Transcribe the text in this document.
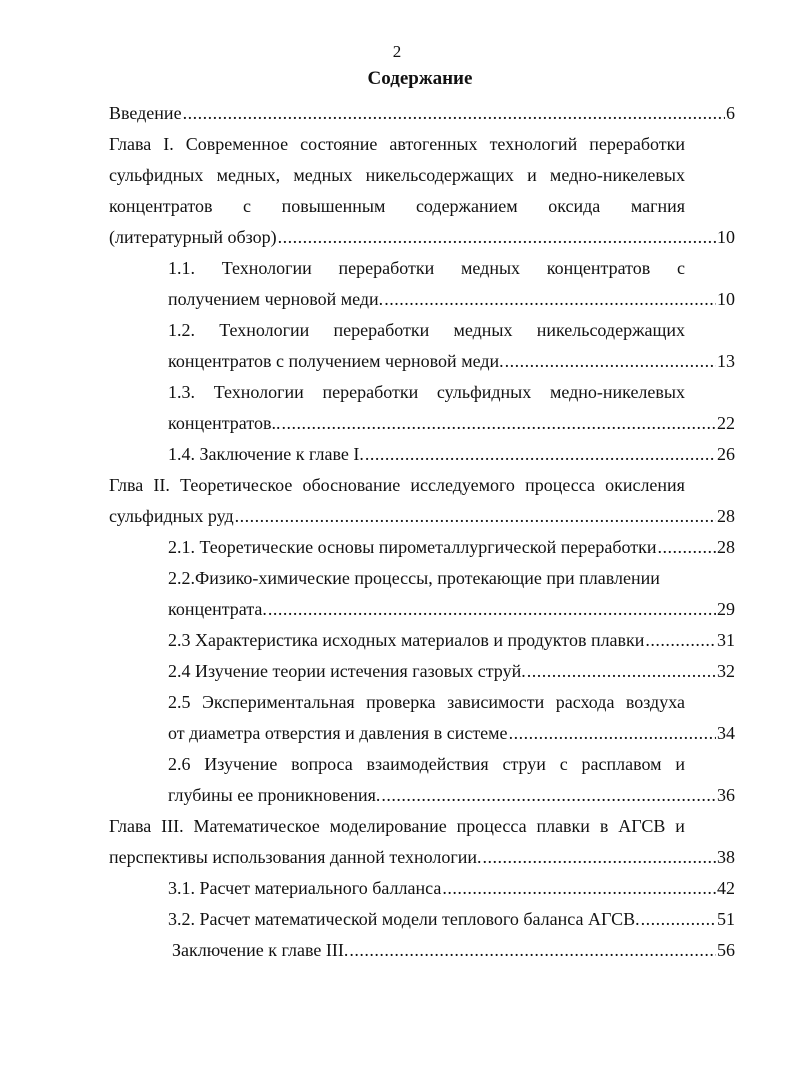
2
Содержание
Введение .....	6
Глава I. Современное состояние автогенных технологий переработки
сульфидных медных, медных никельсодержащих и медно-никелевых
концентратов с повышенным содержанием оксида магния
(литературный обзор) .....	10
1.1. Технологии переработки медных концентратов с
получением черновой меди. .....	10
1.2. Технологии переработки медных никельсодержащих
концентратов с получением черновой меди. .....	13
1.3. Технологии переработки сульфидных медно-никелевых
концентратов.. .....	22
1.4. Заключение к главе I. .....	26
Глва II. Теоретическое обоснование исследуемого процесса окисления
сульфидных руд .....	28
2.1. Теоретические основы пирометаллургической переработки .....	28
2.2.Физико-химические процессы, протекающие при плавлении
концентрата. .....	29
2.3 Характеристика исходных материалов и продуктов плавки .....	31
2.4 Изучение теории истечения газовых струй. .....	32
2.5 Экспериментальная проверка зависимости расхода воздуха
от диаметра отверстия и давления в системе .....	34
2.6 Изучение вопроса взаимодействия струи с расплавом и
глубины ее проникновения. .....	36
Глава III. Математическое моделирование процесса плавки в АГСВ и
перспективы использования данной технологии. .....	38
3.1. Расчет материального балланса .....	42
3.2. Расчет математической модели теплового баланса АГСВ. .....	51
Заключение к главе III. .....	56
